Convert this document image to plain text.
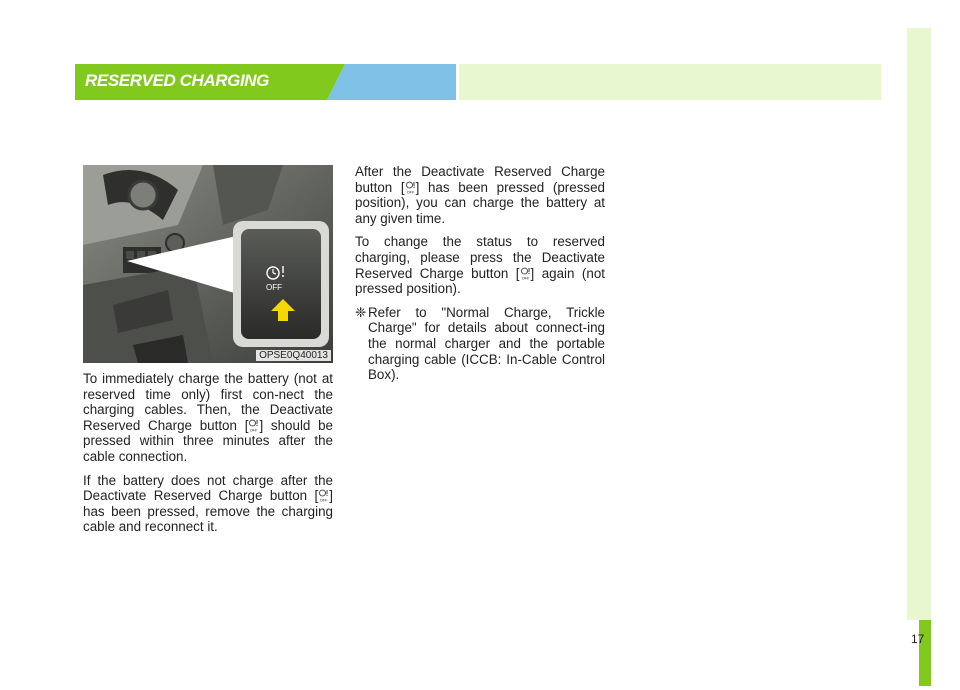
RESERVED CHARGING
OFF
OPSE0Q40013

To immediately charge the battery (not at reserved time only) first con-nect the charging cables. Then, the Deactivate Reserved Charge button [ OFF ] should be pressed within three minutes after the cable connection.

If the battery does not charge after the Deactivate Reserved Charge button [ OFF ] has been pressed, remove the charging cable and reconnect it.

After the Deactivate Reserved Charge button [ OFF ] has been pressed (pressed position), you can charge the battery at any given time.

To change the status to reserved charging, please press the Deactivate Reserved Charge button [ OFF ] again (not pressed position).

❈ Refer to "Normal Charge, Trickle Charge" for details about connect-ing the normal charger and the portable charging cable (ICCB: In-Cable Control Box).
17
